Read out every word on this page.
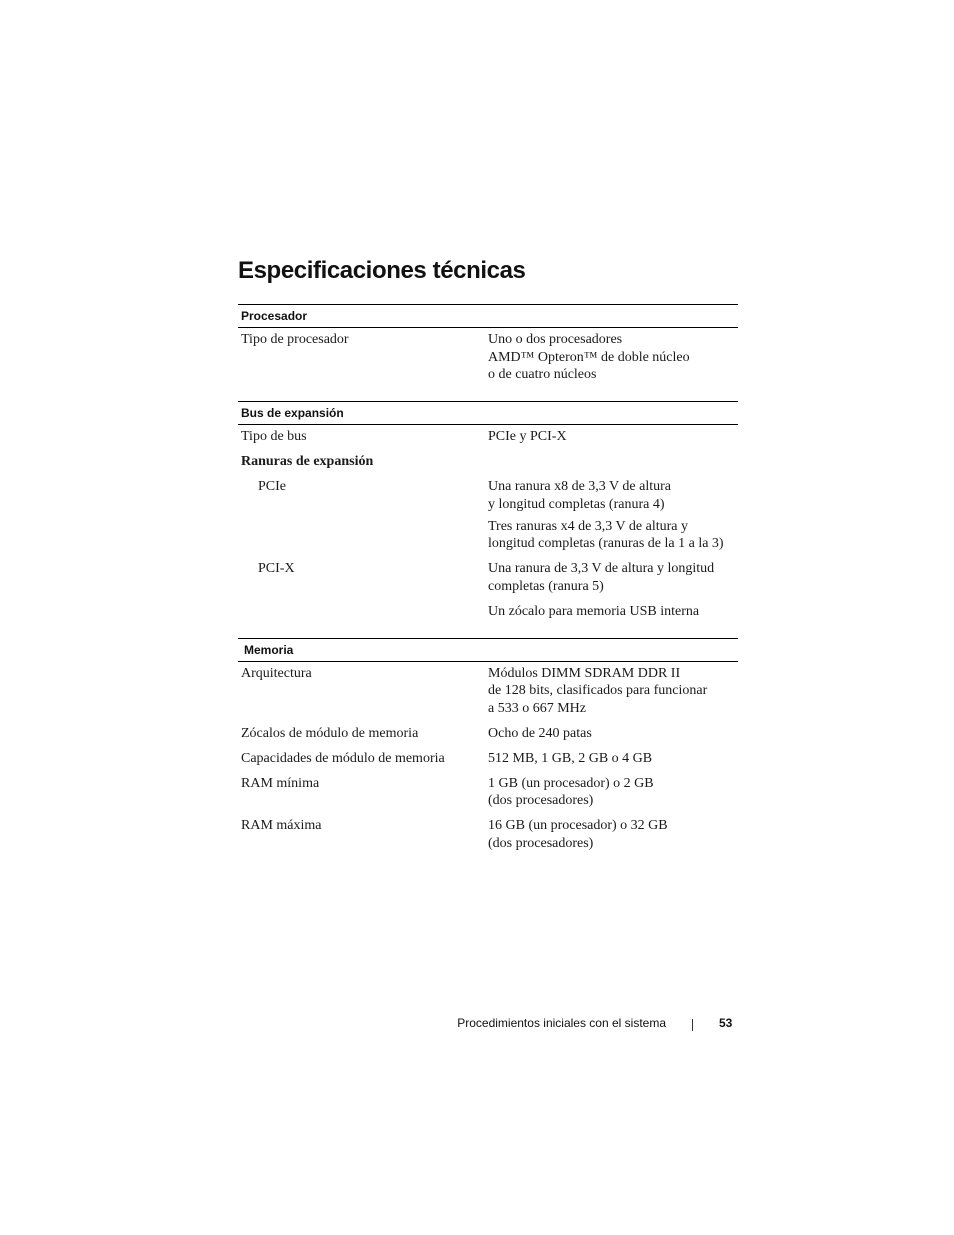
Especificaciones técnicas
Procesador
Tipo de procesador	Uno o dos procesadores
AMD™ Opteron™ de doble núcleo
o de cuatro núcleos
Bus de expansión
Tipo de bus	PCIe y PCI-X
Ranuras de expansión
PCIe	Una ranura x8 de 3,3 V de altura
y longitud completas (ranura 4)
Tres ranuras x4 de 3,3 V de altura y
longitud completas (ranuras de la 1 a la 3)
PCI-X	Una ranura de 3,3 V de altura y longitud
completas (ranura 5)
Un zócalo para memoria USB interna
Memoria
Arquitectura	Módulos DIMM SDRAM DDR II
de 128 bits, clasificados para funcionar
a 533 o 667 MHz
Zócalos de módulo de memoria	Ocho de 240 patas
Capacidades de módulo de memoria	512 MB, 1 GB, 2 GB o 4 GB
RAM mínima	1 GB (un procesador) o 2 GB
(dos procesadores)
RAM máxima	16 GB (un procesador) o 32 GB
(dos procesadores)
Procedimientos iniciales con el sistema	53
